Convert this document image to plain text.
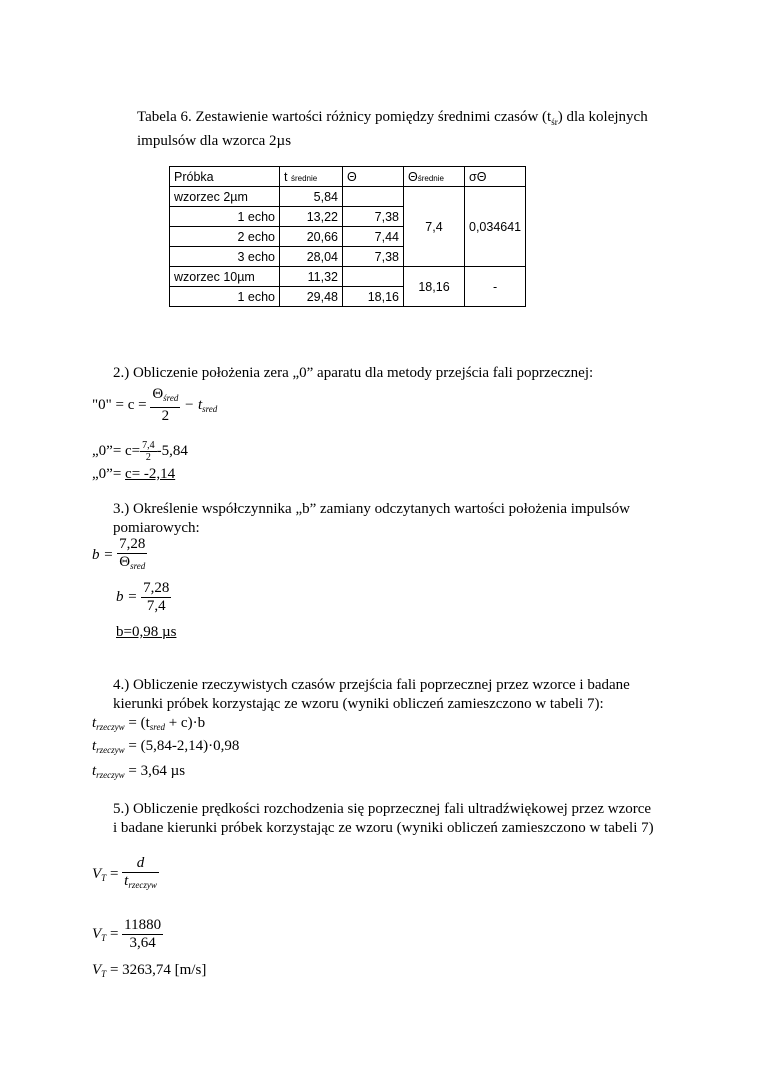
Tabela 6. Zestawienie wartości różnicy pomiędzy średnimi czasów $(t_{śr})$ dla kolejnych
impulsów dla wzorca 2µs
Próbka	t średnie	Θ	Θśrednie	σΘ
wzorzec 2µm	5,84		7,4	0,034641
1 echo	13,22	7,38		
2 echo	20,66	7,44		
3 echo	28,04	7,38		
wzorzec 10µm	11,32		18,16	-
1 echo	29,48	18,16		
2.) Obliczenie położenia zera „0” aparatu dla metody przejścia fali poprzecznej:
"0" = $c = \frac{\Theta_{śred}}{2} - t_{sred}$
„0”= $c= \frac{7,4}{2} -5,84$
„0”= c= -2,14
3.) Określenie współczynnika „b” zamiany odczytanych wartości położenia impulsów
pomiarowych:
$b = \frac{7,28}{\Theta_{sred}}$
$b = \frac{7,28}{7,4}$
b=0,98 µs
4.) Obliczenie rzeczywistych czasów przejścia fali poprzecznej przez wzorce i badane
kierunki próbek korzystając ze wzoru (wyniki obliczeń zamieszczono w tabeli 7):
$t_{rzeczyw} = (t_{sred} + c)\cdot b$
$t_{rzeczyw} = (5,84-2,14)\cdot 0,98$
$t_{rzeczyw} = 3,64$ µs
5.) Obliczenie prędkości rozchodzenia się poprzecznej fali ultradźwiękowej przez wzorce
i badane kierunki próbek korzystając ze wzoru (wyniki obliczeń zamieszczono w tabeli 7)
$V_T = \frac{d}{t_{rzeczyw}}$
$V_T = \frac{11880}{3,64}$
$V_T = 3263,74$ [m/s]
